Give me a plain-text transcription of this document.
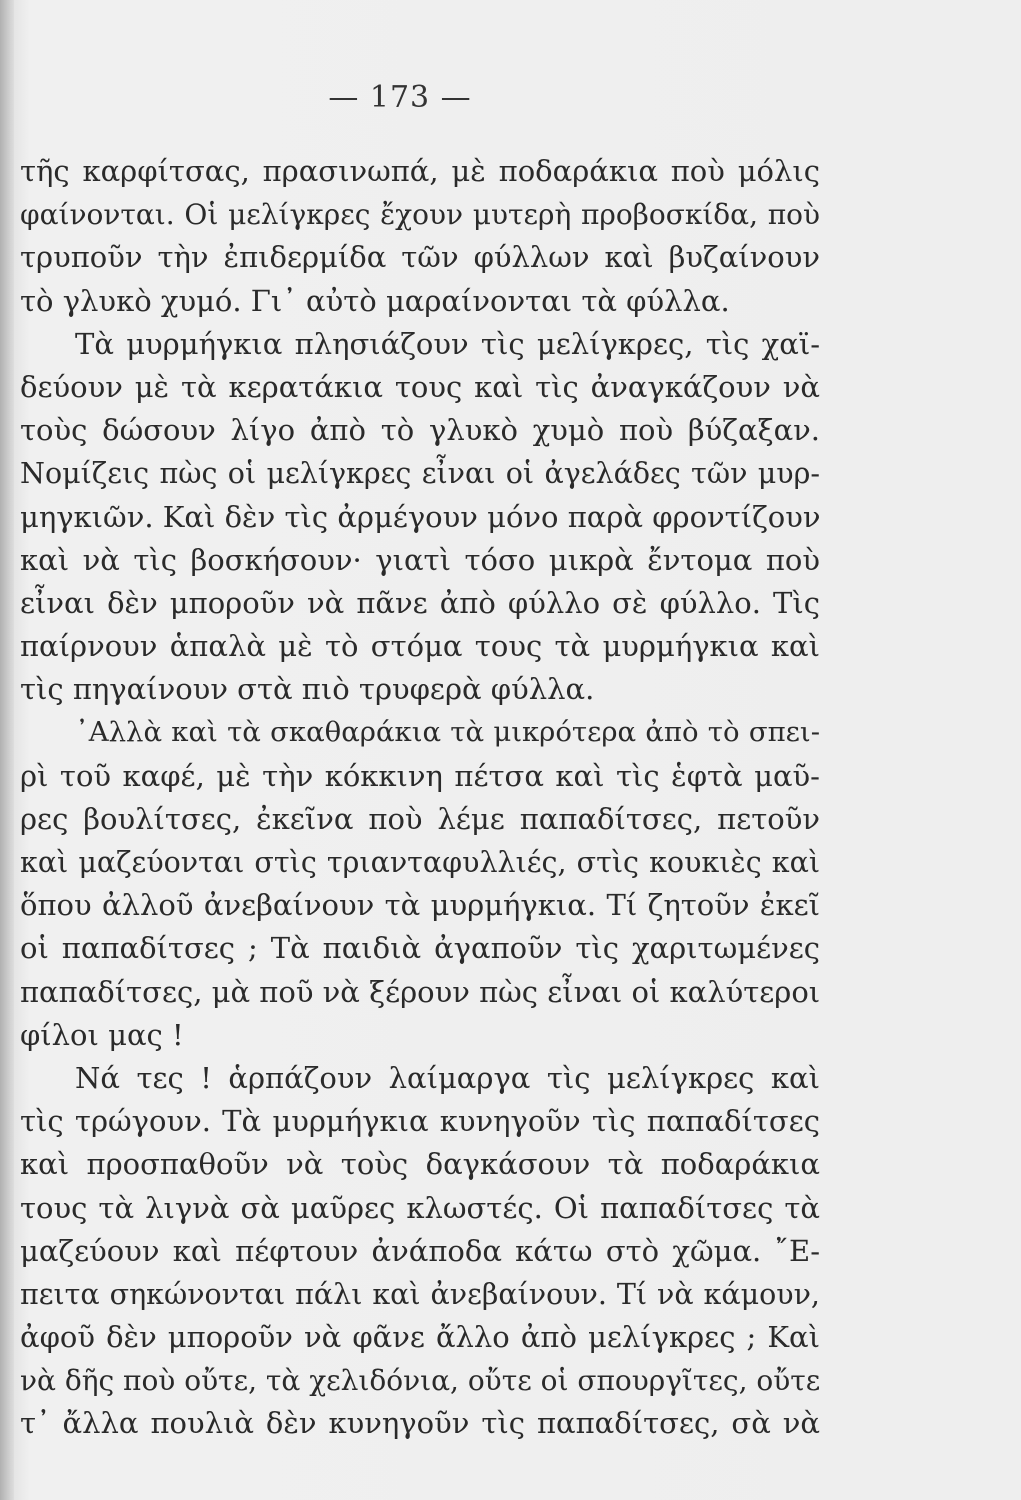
— 173 —
τῆς καρφίτσας, πρασινωπά, μὲ ποδαράκια ποὺ μόλις
φαίνονται. Οἱ μελίγκρες ἔχουν μυτερὴ προβοσκίδα, ποὺ
τρυποῦν τὴν ἐπιδερμίδα τῶν φύλλων καὶ βυζαίνουν
τὸ γλυκὸ χυμό. Γι᾿ αὐτὸ μαραίνονται τὰ φύλλα.
Τὰ μυρμήγκια πλησιάζουν τὶς μελίγκρες, τὶς χαϊ-
δεύουν μὲ τὰ κερατάκια τους καὶ τὶς ἀναγκάζουν νὰ
τοὺς δώσουν λίγο ἀπὸ τὸ γλυκὸ χυμὸ ποὺ βύζαξαν.
Νομίζεις πὼς οἱ μελίγκρες εἶναι οἱ ἀγελάδες τῶν μυρ-
μηγκιῶν. Καὶ δὲν τὶς ἀρμέγουν μόνο παρὰ φροντίζουν
καὶ νὰ τὶς βοσκήσουν· γιατὶ τόσο μικρὰ ἔντομα ποὺ
εἶναι δὲν μποροῦν νὰ πᾶνε ἀπὸ φύλλο σὲ φύλλο. Τὶς
παίρνουν ἁπαλὰ μὲ τὸ στόμα τους τὰ μυρμήγκια καὶ
τὶς πηγαίνουν στὰ πιὸ τρυφερὰ φύλλα.
᾿Αλλὰ καὶ τὰ σκαθαράκια τὰ μικρότερα ἀπὸ τὸ σπει-
ρὶ τοῦ καφέ, μὲ τὴν κόκκινη πέτσα καὶ τὶς ἑφτὰ μαῦ-
ρες βουλίτσες, ἐκεῖνα ποὺ λέμε παπαδίτσες, πετοῦν
καὶ μαζεύονται στὶς τριανταφυλλιές, στὶς κουκιὲς καὶ
ὅπου ἀλλοῦ ἀνεβαίνουν τὰ μυρμήγκια. Τί ζητοῦν ἐκεῖ
οἱ παπαδίτσες ; Τὰ παιδιὰ ἀγαποῦν τὶς χαριτωμένες
παπαδίτσες, μὰ ποῦ νὰ ξέρουν πὼς εἶναι οἱ καλύτεροι
φίλοι μας !
Νά τες ! ἁρπάζουν λαίμαργα τὶς μελίγκρες καὶ
τὶς τρώγουν. Τὰ μυρμήγκια κυνηγοῦν τὶς παπαδίτσες
καὶ προσπαθοῦν νὰ τοὺς δαγκάσουν τὰ ποδαράκια
τους τὰ λιγνὰ σὰ μαῦρες κλωστές. Οἱ παπαδίτσες τὰ
μαζεύουν καὶ πέφτουν ἀνάποδα κάτω στὸ χῶμα. ῎Ε-
πειτα σηκώνονται πάλι καὶ ἀνεβαίνουν. Τί νὰ κάμουν,
ἀφοῦ δὲν μποροῦν νὰ φᾶνε ἄλλο ἀπὸ μελίγκρες ; Καὶ
νὰ δῆς ποὺ οὔτε, τὰ χελιδόνια, οὔτε οἱ σπουργῖτες, οὔτε
τ᾿ ἄλλα πουλιὰ δὲν κυνηγοῦν τὶς παπαδίτσες, σὰ νὰ
